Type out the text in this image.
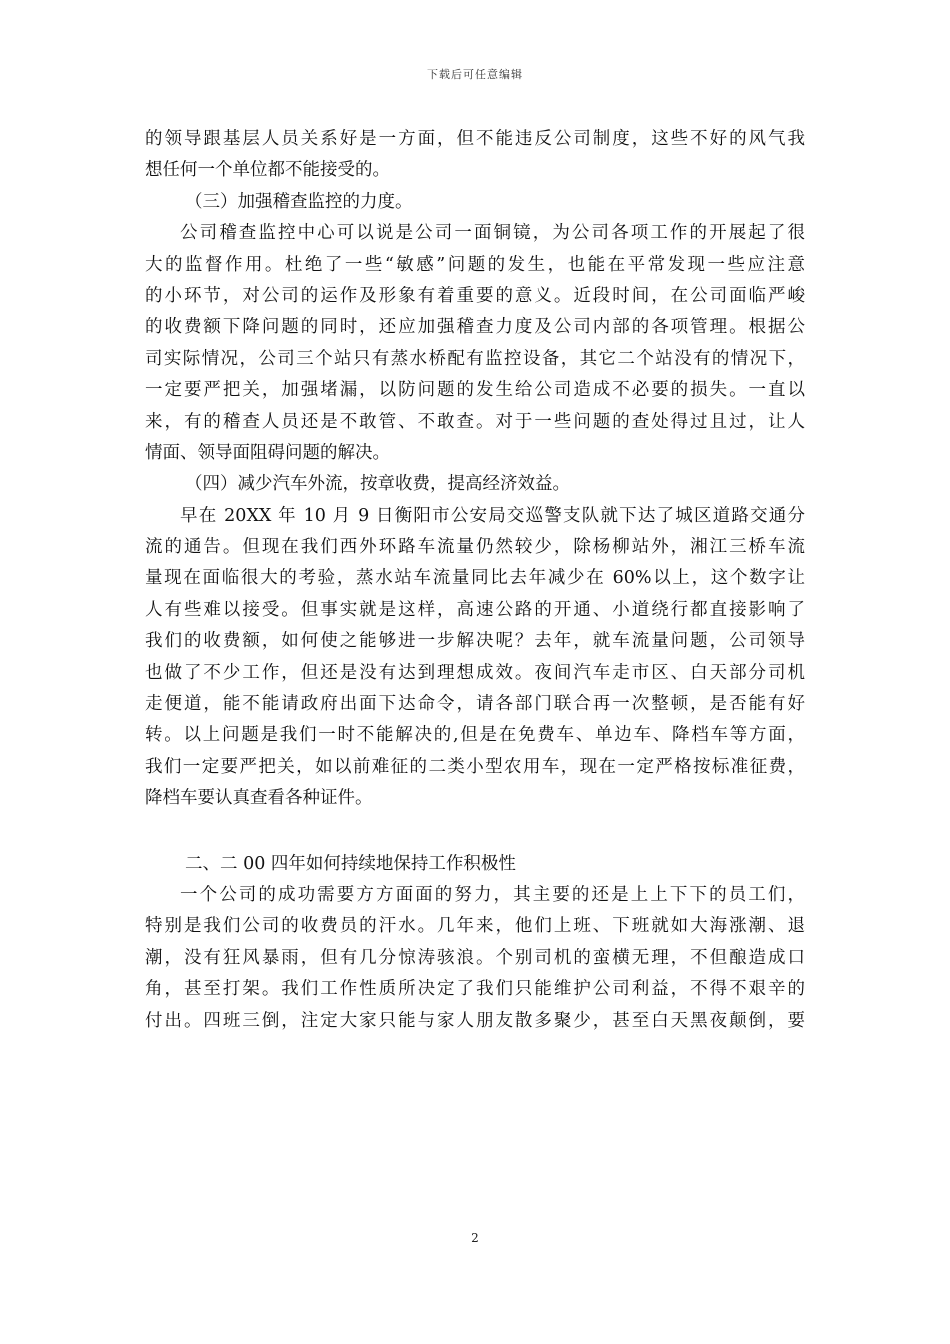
下载后可任意编辑
的领导跟基层人员关系好是一方面，但不能违反公司制度，这些不好的风气我
想任何一个单位都不能接受的。
（三）加强稽查监控的力度。
公司稽查监控中心可以说是公司一面铜镜，为公司各项工作的开展起了很
大的监督作用。杜绝了一些“敏感”问题的发生，也能在平常发现一些应注意
的小环节，对公司的运作及形象有着重要的意义。近段时间，在公司面临严峻
的收费额下降问题的同时，还应加强稽查力度及公司内部的各项管理。根据公
司实际情况，公司三个站只有蒸水桥配有监控设备，其它二个站没有的情况下，
一定要严把关，加强堵漏，以防问题的发生给公司造成不必要的损失。一直以
来，有的稽查人员还是不敢管、不敢查。对于一些问题的查处得过且过，让人
情面、领导面阻碍问题的解决。
（四）减少汽车外流，按章收费，提高经济效益。
早在 20XX 年 10 月 9 日衡阳市公安局交巡警支队就下达了城区道路交通分
流的通告。但现在我们西外环路车流量仍然较少，除杨柳站外，湘江三桥车流
量现在面临很大的考验，蒸水站车流量同比去年减少在 60%以上，这个数字让
人有些难以接受。但事实就是这样，高速公路的开通、小道绕行都直接影响了
我们的收费额，如何使之能够进一步解决呢？去年，就车流量问题，公司领导
也做了不少工作，但还是没有达到理想成效。夜间汽车走市区、白天部分司机
走便道，能不能请政府出面下达命令，请各部门联合再一次整顿，是否能有好
转。以上问题是我们一时不能解决的,但是在免费车、单边车、降档车等方面，
我们一定要严把关，如以前难征的二类小型农用车，现在一定严格按标准征费，
降档车要认真查看各种证件。
二、二 00 四年如何持续地保持工作积极性
一个公司的成功需要方方面面的努力，其主要的还是上上下下的员工们，
特别是我们公司的收费员的汗水。几年来，他们上班、下班就如大海涨潮、退
潮，没有狂风暴雨，但有几分惊涛骇浪。个别司机的蛮横无理，不但酿造成口
角，甚至打架。我们工作性质所决定了我们只能维护公司利益，不得不艰辛的
付出。四班三倒，注定大家只能与家人朋友散多聚少，甚至白天黑夜颠倒，要
2
